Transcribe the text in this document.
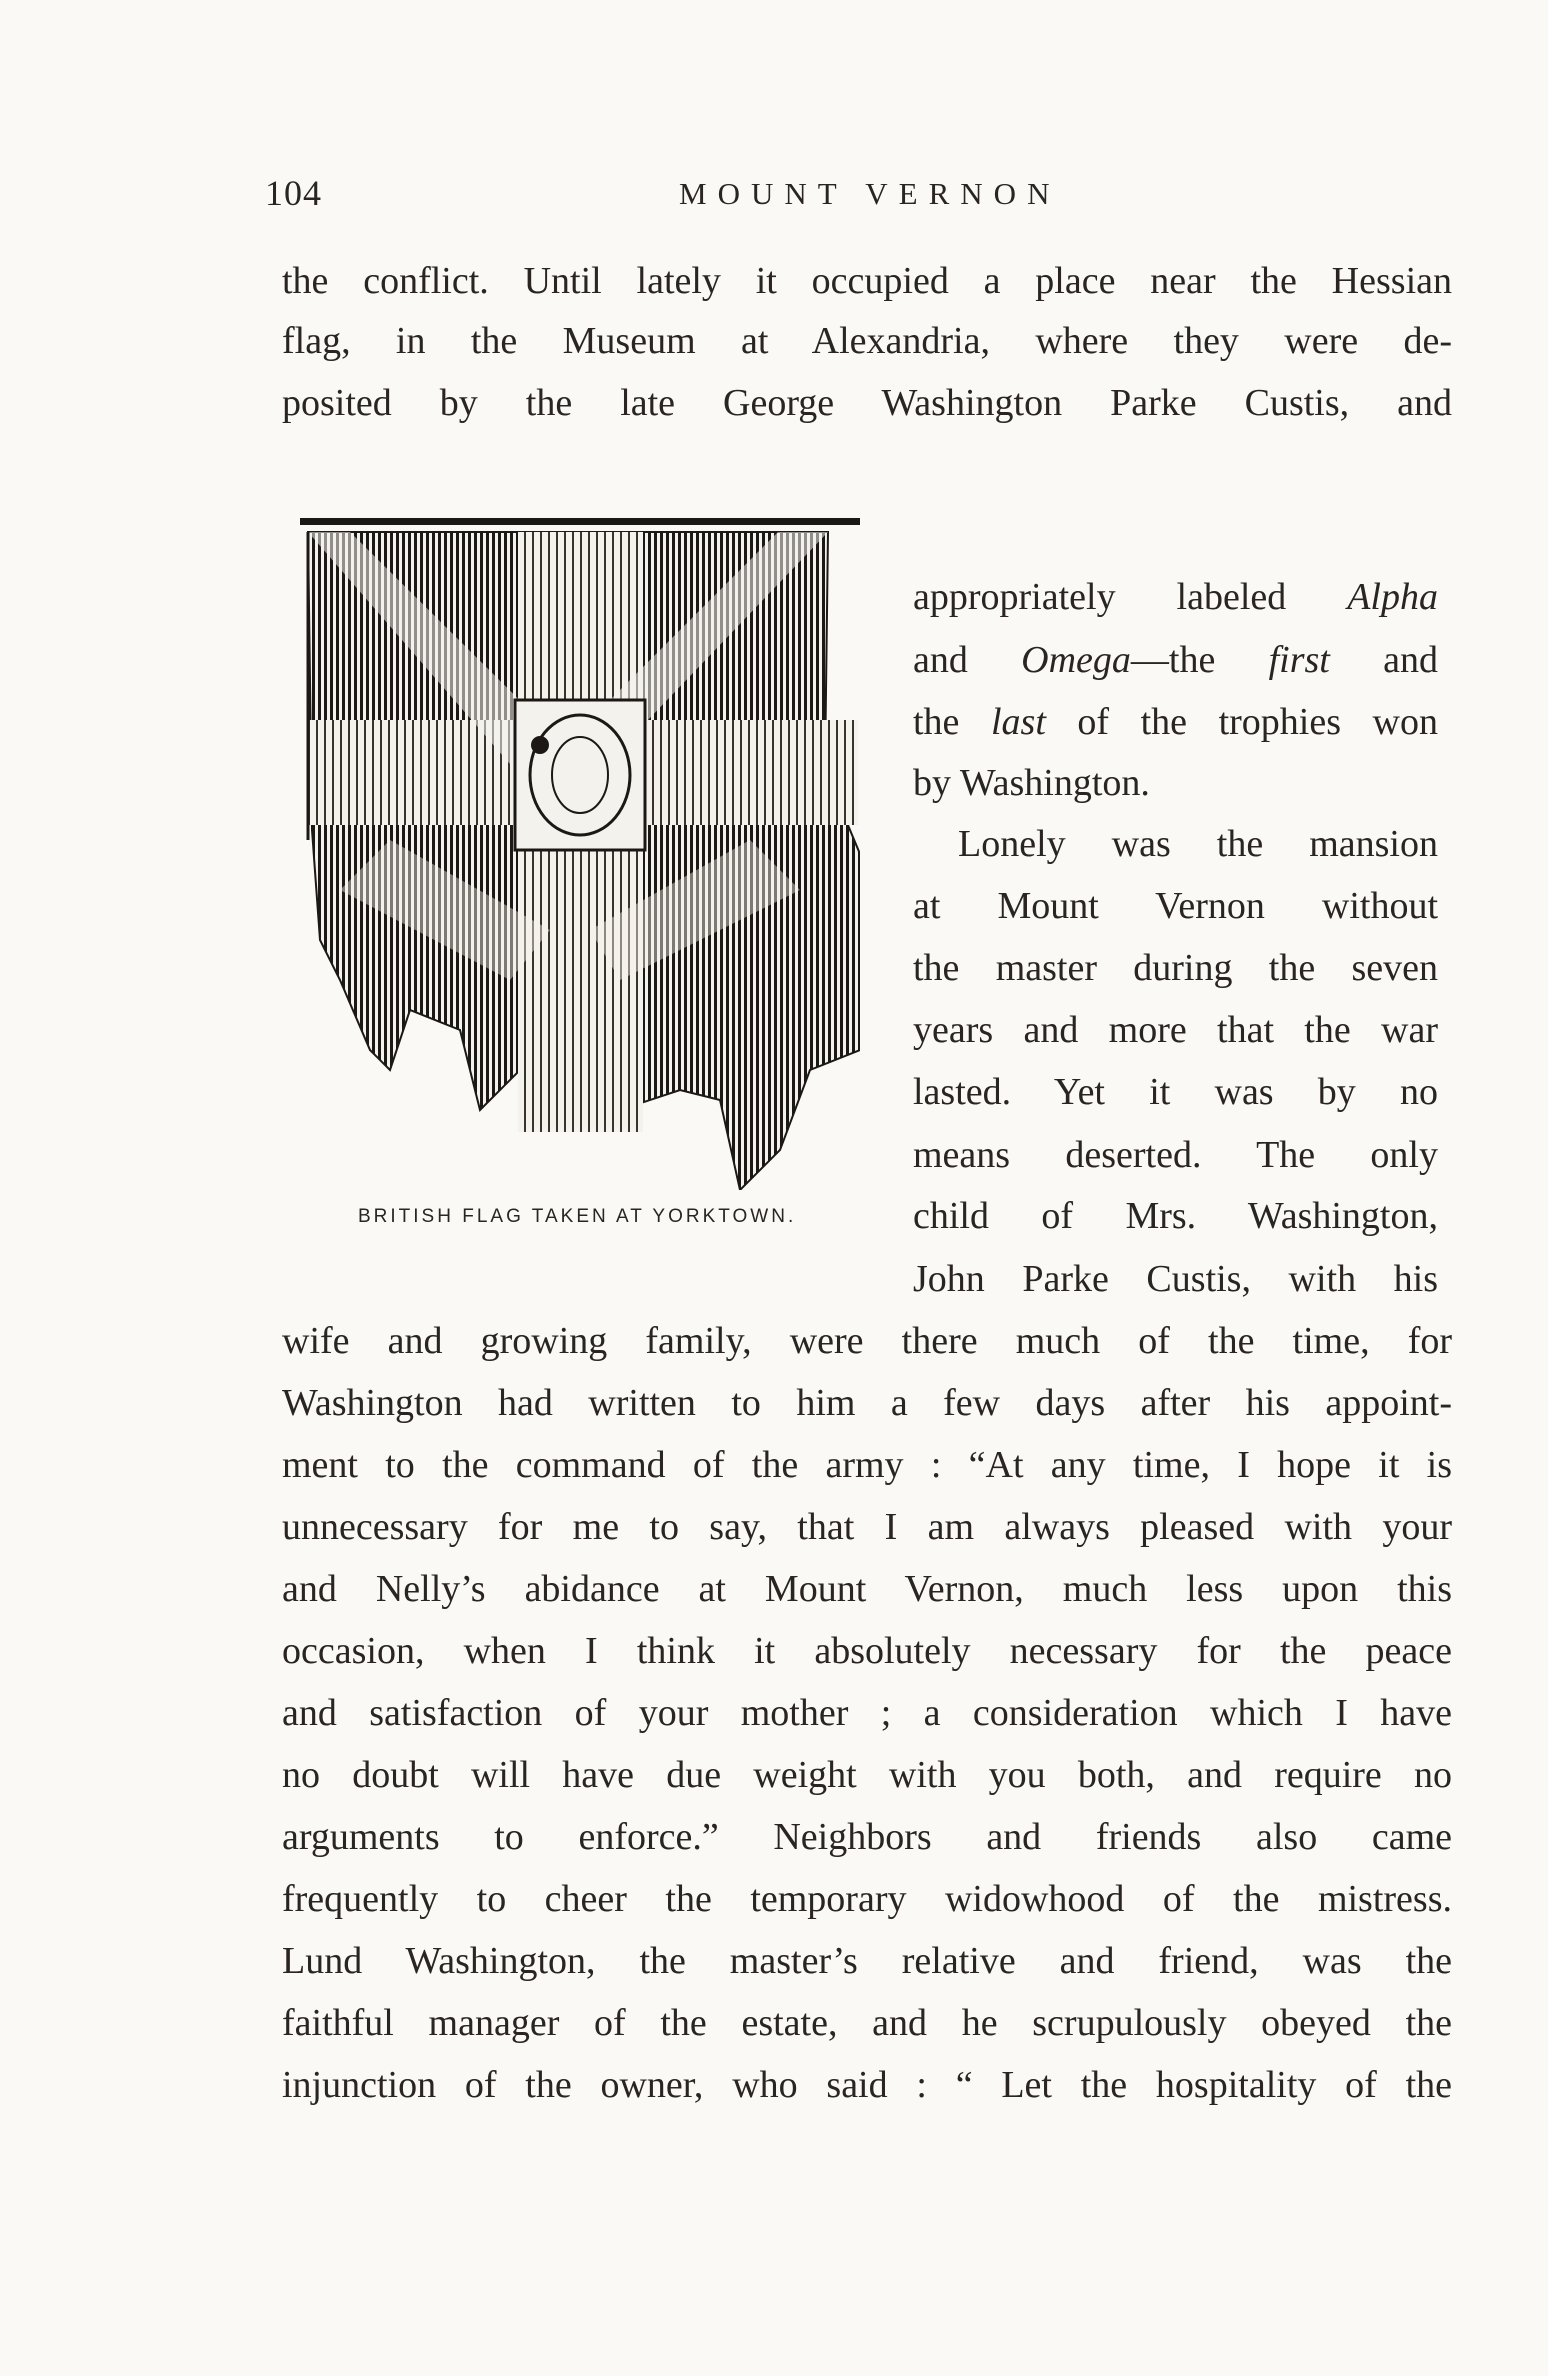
104	MOUNT VERNON
the conflict. Until lately it occupied a place near the Hessian
flag, in the Museum at Alexandria, where they were de-
posited by the late George Washington Parke Custis, and
BRITISH FLAG TAKEN AT YORKTOWN.
appropriately labeled Alpha
and Omega—the first and
the last of the trophies won
by Washington.
Lonely was the mansion
at Mount Vernon without
the master during the seven
years and more that the war
lasted. Yet it was by no
means deserted. The only
child of Mrs. Washington,
John Parke Custis, with his
wife and growing family, were there much of the time, for
Washington had written to him a few days after his appoint-
ment to the command of the army : “At any time, I hope it is
unnecessary for me to say, that I am always pleased with your
and Nelly’s abidance at Mount Vernon, much less upon this
occasion, when I think it absolutely necessary for the peace
and satisfaction of your mother ; a consideration which I have
no doubt will have due weight with you both, and require no
arguments to enforce.” Neighbors and friends also came
frequently to cheer the temporary widowhood of the mistress.
Lund Washington, the master’s relative and friend, was the
faithful manager of the estate, and he scrupulously obeyed the
injunction of the owner, who said : “ Let the hospitality of the
